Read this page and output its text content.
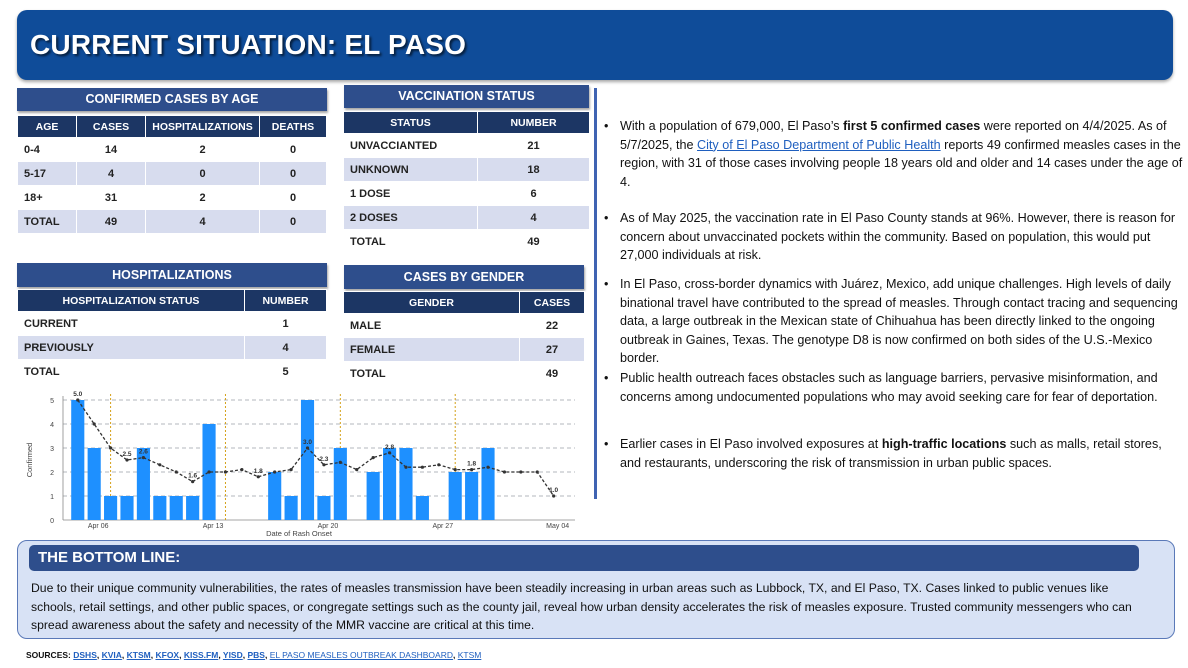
CURRENT SITUATION: EL PASO
CONFIRMED CASES BY AGE
AGE	CASES	HOSPITALIZATIONS	DEATHS
0-4	14	2	0
5-17	4	0	0
18+	31	2	0
TOTAL	49	4	0
VACCINATION STATUS
STATUS	NUMBER
UNVACCIANTED	21
UNKNOWN	18
1 DOSE	6
2 DOSES	4
TOTAL	49
HOSPITALIZATIONS
HOSPITALIZATION STATUS	NUMBER
CURRENT	1
PREVIOUSLY	4
TOTAL	5
CASES BY GENDER
GENDER	CASES
MALE	22
FEMALE	27
TOTAL	49
0
1
2
3
4
5
5.0
2.5 2.6
1.6
1.8
3.0
2.3
2.8
1.8
1.0
Apr 06	Apr 13	Apr 20	Apr 27	May 04
Date of Rash Onset
Confirmed
• With a population of 679,000, El Paso’s first 5 confirmed cases were reported on 4/4/2025. As of 5/7/2025, the City of El Paso Department of Public Health reports 49 confirmed measles cases in the region, with 31 of those cases involving people 18 years old and older and 14 cases under the age of 4.
• As of May 2025, the vaccination rate in El Paso County stands at 96%. However, there is reason for concern about unvaccinated pockets within the community. Based on population, this would put 27,000 individuals at risk.
• In El Paso, cross-border dynamics with Juárez, Mexico, add unique challenges. High levels of daily binational travel have contributed to the spread of measles. Through contact tracing and sequencing data, a large outbreak in the Mexican state of Chihuahua has been directly linked to the ongoing outbreak in Gaines, Texas. The genotype D8 is now confirmed on both sides of the U.S.-Mexico border.
• Public health outreach faces obstacles such as language barriers, pervasive misinformation, and concerns among undocumented populations who may avoid seeking care for fear of deportation.
• Earlier cases in El Paso involved exposures at high-traffic locations such as malls, retail stores, and restaurants, underscoring the risk of transmission in urban public spaces.
THE BOTTOM LINE:
Due to their unique community vulnerabilities, the rates of measles transmission have been steadily increasing in urban areas such as Lubbock, TX, and El Paso, TX. Cases linked to public venues like schools, retail settings, and other public spaces, or congregate settings such as the county jail, reveal how urban density accelerates the risk of measles exposure. Trusted community messengers who can spread awareness about the safety and necessity of the MMR vaccine are critical at this time.
SOURCES: DSHS, KVIA, KTSM, KFOX, KISS.FM, YISD, PBS, EL PASO MEASLES OUTBREAK DASHBOARD, KTSM
